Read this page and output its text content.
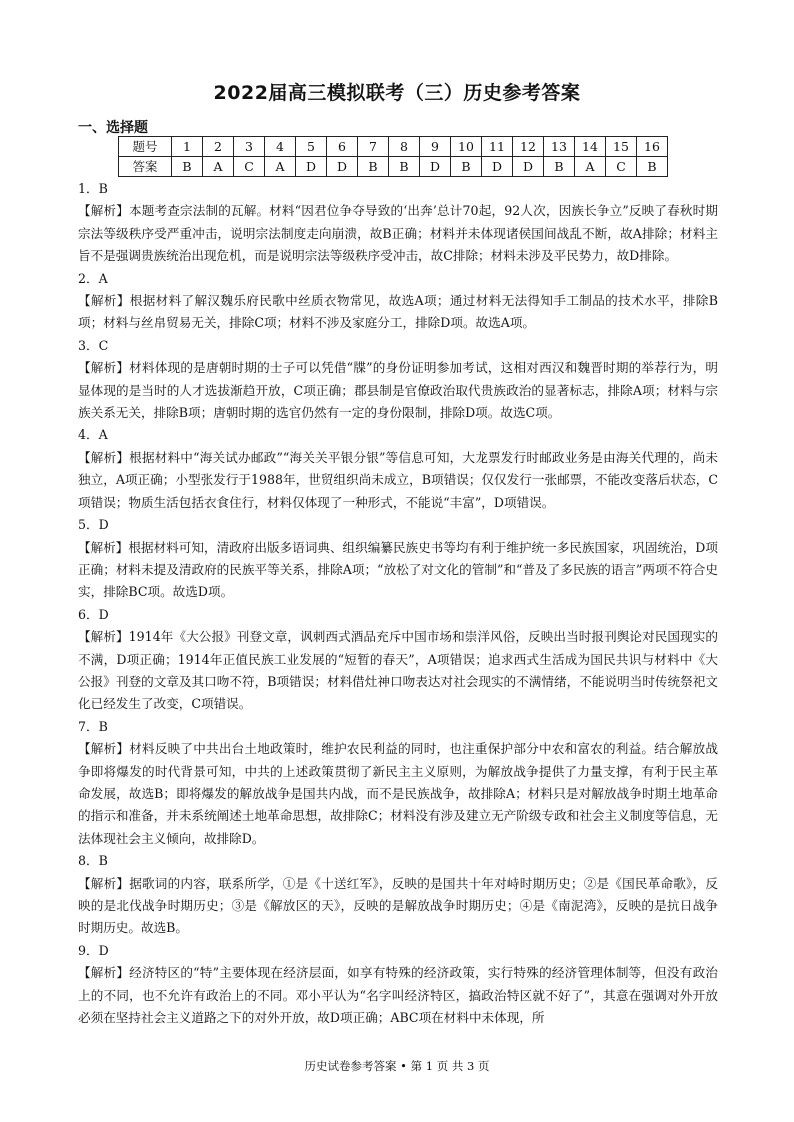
2022届高三模拟联考（三）历史参考答案
一、选择题
题号	1	2	3	4	5	6	7	8	9	10	11	12	13	14	15	16
答案	B	A	C	A	D	D	B	B	D	B	D	D	B	A	C	B
1．B
【解析】本题考查宗法制的瓦解。材料“因君位争夺导致的‘出奔’总计70起，92人次，因族长争立”反映了春秋时期宗法等级秩序受严重冲击，说明宗法制度走向崩溃，故B正确；材料并未体现诸侯国间战乱不断，故A排除；材料主旨不是强调贵族统治出现危机，而是说明宗法等级秩序受冲击，故C排除；材料未涉及平民势力，故D排除。
2．A
【解析】根据材料了解汉魏乐府民歌中丝质衣物常见，故选A项；通过材料无法得知手工制品的技术水平，排除B项；材料与丝帛贸易无关，排除C项；材料不涉及家庭分工，排除D项。故选A项。
3．C
【解析】材料体现的是唐朝时期的士子可以凭借“牒”的身份证明参加考试，这相对西汉和魏晋时期的举荐行为，明显体现的是当时的人才选拔渐趋开放，C项正确；郡县制是官僚政治取代贵族政治的显著标志，排除A项；材料与宗族关系无关，排除B项；唐朝时期的选官仍然有一定的身份限制，排除D项。故选C项。
4．A
【解析】根据材料中“海关试办邮政”“海关关平银分银”等信息可知，大龙票发行时邮政业务是由海关代理的，尚未独立，A项正确；小型张发行于1988年，世贸组织尚未成立，B项错误；仅仅发行一张邮票，不能改变落后状态，C项错误；物质生活包括衣食住行，材料仅体现了一种形式，不能说“丰富”，D项错误。
5．D
【解析】根据材料可知，清政府出版多语词典、组织编纂民族史书等均有利于维护统一多民族国家，巩固统治，D项正确；材料未提及清政府的民族平等关系，排除A项；“放松了对文化的管制”和“普及了多民族的语言”两项不符合史实，排除BC项。故选D项。
6．D
【解析】1914年《大公报》刊登文章，讽刺西式酒品充斥中国市场和崇洋风俗，反映出当时报刊舆论对民国现实的不满，D项正确；1914年正值民族工业发展的“短暂的春天”，A项错误；追求西式生活成为国民共识与材料中《大公报》刊登的文章及其口吻不符，B项错误；材料借灶神口吻表达对社会现实的不满情绪，不能说明当时传统祭祀文化已经发生了改变，C项错误。
7．B
【解析】材料反映了中共出台土地政策时，维护农民利益的同时，也注重保护部分中农和富农的利益。结合解放战争即将爆发的时代背景可知，中共的上述政策贯彻了新民主主义原则，为解放战争提供了力量支撑，有利于民主革命发展，故选B；即将爆发的解放战争是国共内战，而不是民族战争，故排除A；材料只是对解放战争时期土地革命的指示和准备，并未系统阐述土地革命思想，故排除C；材料没有涉及建立无产阶级专政和社会主义制度等信息，无法体现社会主义倾向，故排除D。
8．B
【解析】据歌词的内容，联系所学，①是《十送红军》，反映的是国共十年对峙时期历史；②是《国民革命歌》，反映的是北伐战争时期历史；③是《解放区的天》，反映的是解放战争时期历史；④是《南泥湾》，反映的是抗日战争时期历史。故选B。
9．D
【解析】经济特区的“特”主要体现在经济层面，如享有特殊的经济政策，实行特殊的经济管理体制等，但没有政治上的不同，也不允许有政治上的不同。邓小平认为“名字叫经济特区，搞政治特区就不好了”，其意在强调对外开放必须在坚持社会主义道路之下的对外开放，故D项正确；ABC项在材料中未体现，所
历史试卷参考答案 • 第 1 页 共 3 页
